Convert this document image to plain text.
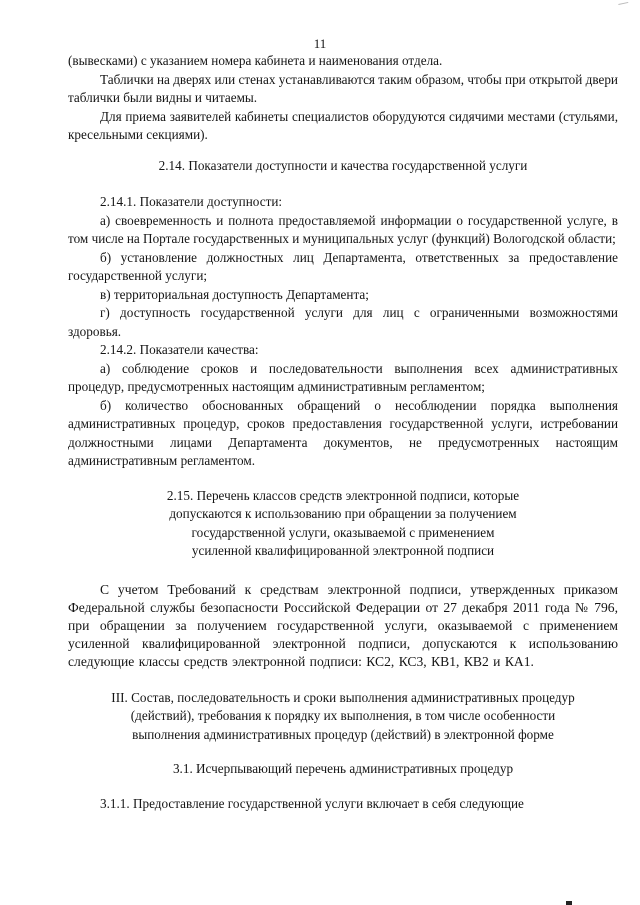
11

(вывесками) с указанием номера кабинета и наименования отдела.

Таблички на дверях или стенах устанавливаются таким образом, чтобы при открытой двери таблички были видны и читаемы.

Для приема заявителей кабинеты специалистов оборудуются сидячими местами (стульями, кресельными секциями).

2.14. Показатели доступности и качества государственной услуги

2.14.1. Показатели доступности:

а) своевременность и полнота предоставляемой информации о государственной услуге, в том числе на Портале государственных и муниципальных услуг (функций) Вологодской области;

б) установление должностных лиц Департамента, ответственных за предоставление государственной услуги;

в) территориальная доступность Департамента;

г) доступность государственной услуги для лиц с ограниченными возможностями здоровья.

2.14.2. Показатели качества:

а) соблюдение сроков и последовательности выполнения всех административных процедур, предусмотренных настоящим административным регламентом;

б) количество обоснованных обращений о несоблюдении порядка выполнения административных процедур, сроков предоставления государственной услуги, истребовании должностными лицами Департамента документов, не предусмотренных настоящим административным регламентом.

2.15. Перечень классов средств электронной подписи, которые
допускаются к использованию при обращении за получением
государственной услуги, оказываемой с применением
усиленной квалифицированной электронной подписи

С учетом Требований к средствам электронной подписи, утвержденных приказом Федеральной службы безопасности Российской Федерации от 27 декабря 2011 года № 796, при обращении за получением государственной услуги, оказываемой с применением усиленной квалифицированной электронной подписи, допускаются к использованию следующие классы средств электронной подписи: КС2, КС3, КВ1, КВ2 и КА1.

III. Состав, последовательность и сроки выполнения административных процедур
(действий), требования к порядку их выполнения, в том числе особенности
выполнения административных процедур (действий) в электронной форме

3.1. Исчерпывающий перечень административных процедур

3.1.1. Предоставление государственной услуги включает в себя следующие
